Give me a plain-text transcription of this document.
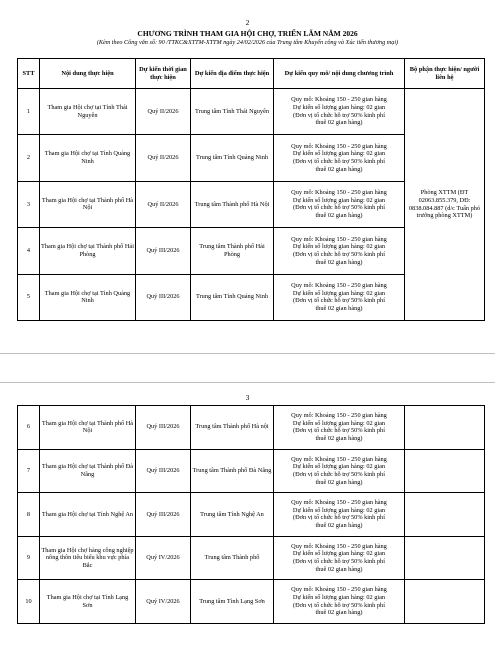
2
CHƯƠNG TRÌNH THAM GIA HỘI CHỢ, TRIỂN LÃM NĂM 2026
(Kèm theo Công văn số: 90 /TTKC&XTTM-XTTM ngày 24/02/2026 của Trung tâm Khuyến công và Xúc tiến thương mại)
STT	Nội dung thực hiện	Dự kiến thời gian thực hiện	Dự kiến địa điểm thực hiện	Dự kiến quy mô/ nội dung chương trình	Bộ phận thực hiện/ người liên hệ
1	Tham gia Hội chợ tại Tỉnh Thái Nguyên	Quý II/2026	Trung tâm Tỉnh Thái Nguyên	Quy mô: Khoảng 150 - 250 gian hàng
Dự kiến số lượng gian hàng: 02 gian
(Đơn vị tổ chức hỗ trợ 50% kinh phí
thuê 02 gian hàng)	Phòng XTTM (ĐT 02063.855.379, DĐ: 0838.084.887 (d/c Tuấn phó trưởng phòng XTTM)
2	Tham gia Hội chợ tại Tỉnh Quảng Ninh	Quý II/2026	Trung tâm Tỉnh Quảng Ninh	Quy mô: Khoảng 150 - 250 gian hàng
Dự kiến số lượng gian hàng: 02 gian
(Đơn vị tổ chức hỗ trợ 50% kinh phí
thuê 02 gian hàng)	

3	Tham gia Hội chợ tại Thành phố Hà Nội	Quý II/2026	Trung tâm Thành phố Hà Nội	Quy mô: Khoảng 150 - 250 gian hàng
Dự kiến số lượng gian hàng: 02 gian
(Đơn vị tổ chức hỗ trợ 50% kinh phí
thuê 02 gian hàng)	

4	Tham gia Hội chợ tại Thành phố Hải Phòng	Quý III/2026	Trung tâm Thành phố Hải Phòng	Quy mô: Khoảng 150 - 250 gian hàng
Dự kiến số lượng gian hàng: 02 gian
(Đơn vị tổ chức hỗ trợ 50% kinh phí
thuê 02 gian hàng)	

5	Tham gia Hội chợ tại Tỉnh Quảng Ninh	Quý III/2026	Trung tâm Tỉnh Quảng Ninh	Quy mô: Khoảng 150 - 250 gian hàng
Dự kiến số lượng gian hàng: 02 gian
(Đơn vị tổ chức hỗ trợ 50% kinh phí
thuê 02 gian hàng)	
3
6	Tham gia Hội chợ tại Thành phố Hà Nội	Quý III/2026	Trung tâm Thành phố Hà nội	Quy mô: Khoảng 150 - 250 gian hàng
Dự kiến số lượng gian hàng: 02 gian
(Đơn vị tổ chức hỗ trợ 50% kinh phí
thuê 02 gian hàng)	

7	Tham gia Hội chợ tại Thành phố Đà Nẵng	Quý III/2026	Trung tâm Thành phố Đà Nẵng	Quy mô: Khoảng 150 - 250 gian hàng
Dự kiến số lượng gian hàng: 02 gian
(Đơn vị tổ chức hỗ trợ 50% kinh phí
thuê 02 gian hàng)	

8	Tham gia Hội chợ tại Tỉnh Nghệ An	Quý III/2026	Trung tâm Tỉnh Nghệ An	Quy mô: Khoảng 150 - 250 gian hàng
Dự kiến số lượng gian hàng: 02 gian
(Đơn vị tổ chức hỗ trợ 50% kinh phí
thuê 02 gian hàng)	

9	Tham gia Hội chợ hàng công nghiệp nông thôn tiêu biểu khu vực phía Bắc	Quý IV/2026	Trung tâm Thành phố	Quy mô: Khoảng 150 - 250 gian hàng
Dự kiến số lượng gian hàng: 02 gian
(Đơn vị tổ chức hỗ trợ 50% kinh phí
thuê 02 gian hàng)	

10	Tham gia Hội chợ tại Tỉnh Lạng Sơn	Quý IV/2026	Trung tâm Tỉnh Lạng Sơn	Quy mô: Khoảng 150 - 250 gian hàng
Dự kiến số lượng gian hàng: 02 gian
(Đơn vị tổ chức hỗ trợ 50% kinh phí
thuê 02 gian hàng)	
